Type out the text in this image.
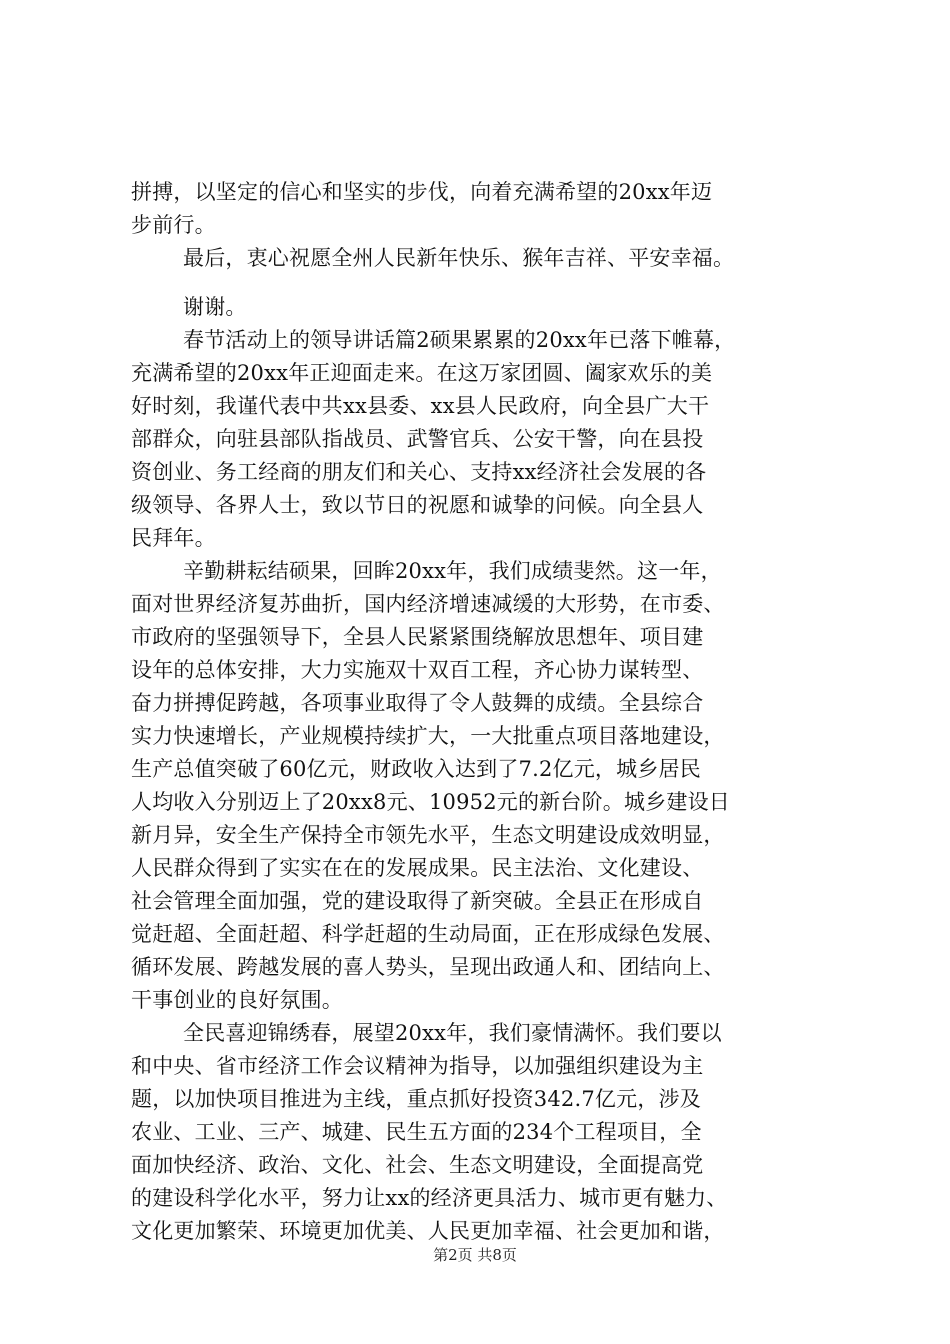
拼搏，以坚定的信心和坚实的步伐，向着充满希望的20xx年迈
步前行。
最后，衷心祝愿全州人民新年快乐、猴年吉祥、平安幸福。
谢谢。
春节活动上的领导讲话篇2硕果累累的20xx年已落下帷幕，
充满希望的20xx年正迎面走来。在这万家团圆、阖家欢乐的美
好时刻，我谨代表中共xx县委、xx县人民政府，向全县广大干
部群众，向驻县部队指战员、武警官兵、公安干警，向在县投
资创业、务工经商的朋友们和关心、支持xx经济社会发展的各
级领导、各界人士，致以节日的祝愿和诚挚的问候。向全县人
民拜年。
辛勤耕耘结硕果，回眸20xx年，我们成绩斐然。这一年，
面对世界经济复苏曲折，国内经济增速减缓的大形势，在市委、
市政府的坚强领导下，全县人民紧紧围绕解放思想年、项目建
设年的总体安排，大力实施双十双百工程，齐心协力谋转型、
奋力拼搏促跨越，各项事业取得了令人鼓舞的成绩。全县综合
实力快速增长，产业规模持续扩大，一大批重点项目落地建设，
生产总值突破了60亿元，财政收入达到了7.2亿元，城乡居民
人均收入分别迈上了20xx8元、10952元的新台阶。城乡建设日
新月异，安全生产保持全市领先水平，生态文明建设成效明显，
人民群众得到了实实在在的发展成果。民主法治、文化建设、
社会管理全面加强，党的建设取得了新突破。全县正在形成自
觉赶超、全面赶超、科学赶超的生动局面，正在形成绿色发展、
循环发展、跨越发展的喜人势头，呈现出政通人和、团结向上、
干事创业的良好氛围。
全民喜迎锦绣春，展望20xx年，我们豪情满怀。我们要以
和中央、省市经济工作会议精神为指导，以加强组织建设为主
题，以加快项目推进为主线，重点抓好投资342.7亿元，涉及
农业、工业、三产、城建、民生五方面的234个工程项目，全
面加快经济、政治、文化、社会、生态文明建设，全面提高党
的建设科学化水平，努力让xx的经济更具活力、城市更有魅力、
文化更加繁荣、环境更加优美、人民更加幸福、社会更加和谐，
第2页 共8页
